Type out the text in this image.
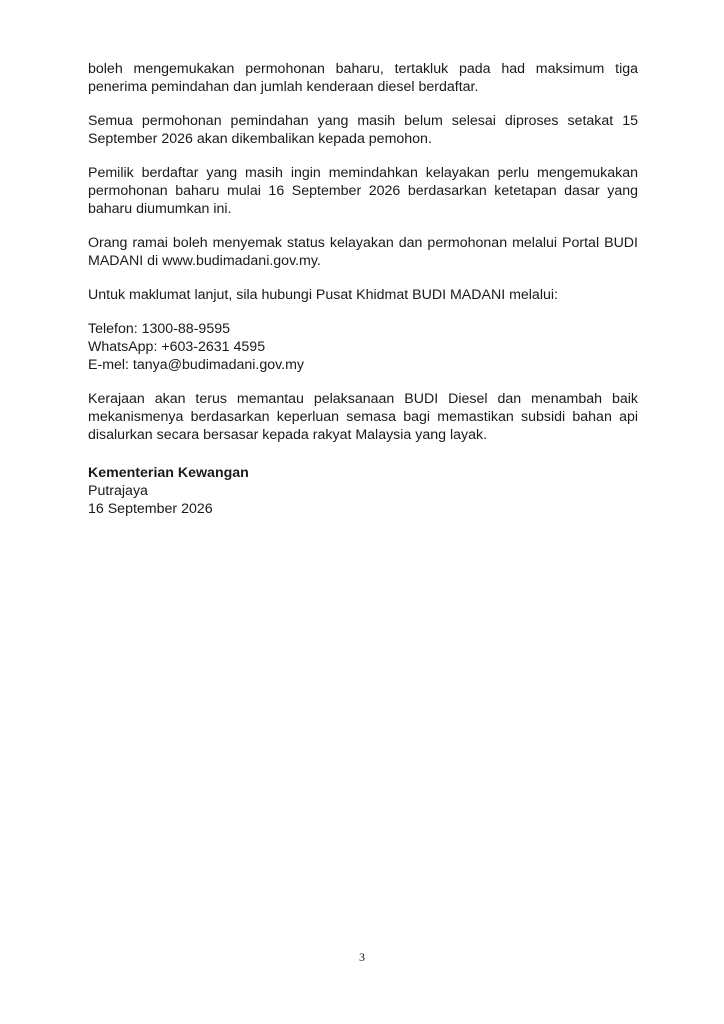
boleh mengemukakan permohonan baharu, tertakluk pada had maksimum tiga penerima pemindahan dan jumlah kenderaan diesel berdaftar.

Semua permohonan pemindahan yang masih belum selesai diproses setakat 15 September 2026 akan dikembalikan kepada pemohon.

Pemilik berdaftar yang masih ingin memindahkan kelayakan perlu mengemukakan permohonan baharu mulai 16 September 2026 berdasarkan ketetapan dasar yang baharu diumumkan ini.

Orang ramai boleh menyemak status kelayakan dan permohonan melalui Portal BUDI MADANI di www.budimadani.gov.my.

Untuk maklumat lanjut, sila hubungi Pusat Khidmat BUDI MADANI melalui:

Telefon: 1300-88-9595
WhatsApp: +603-2631 4595
E-mel: tanya@budimadani.gov.my

Kerajaan akan terus memantau pelaksanaan BUDI Diesel dan menambah baik mekanismenya berdasarkan keperluan semasa bagi memastikan subsidi bahan api disalurkan secara bersasar kepada rakyat Malaysia yang layak.

Kementerian Kewangan
Putrajaya
16 September 2026
3
